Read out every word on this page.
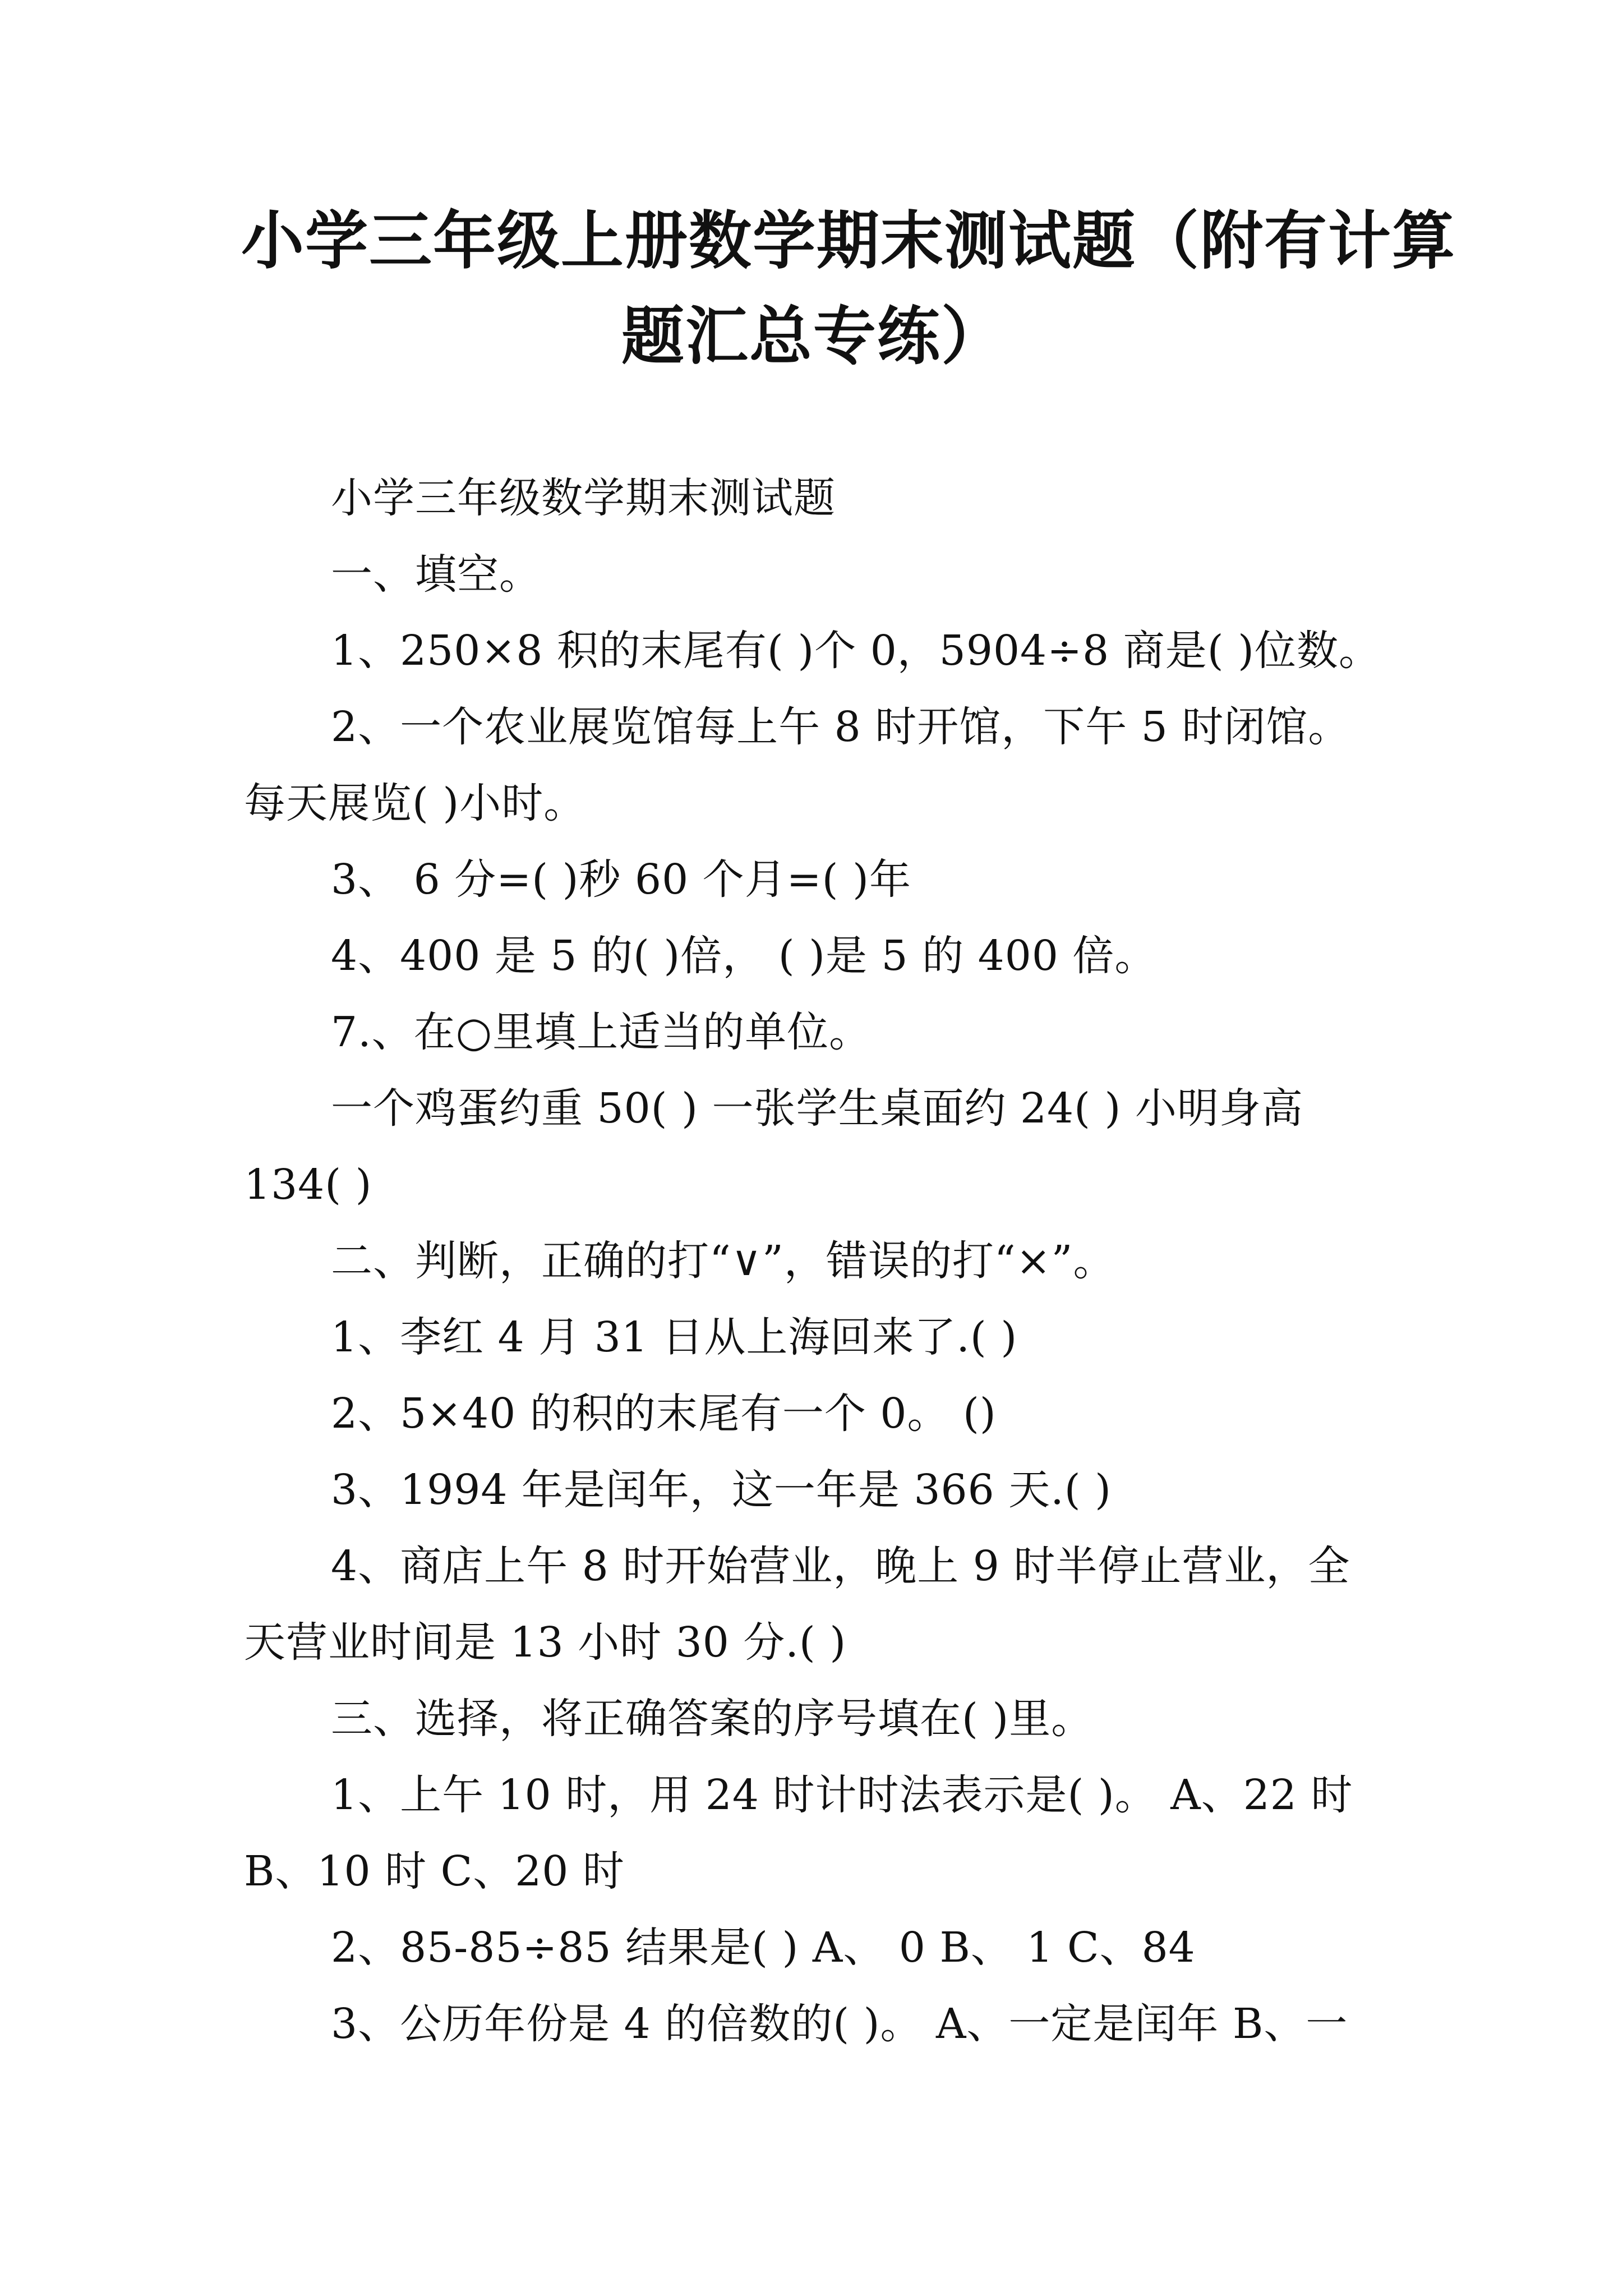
小学三年级上册数学期末测试题（附有计算
题汇总专练）
小学三年级数学期末测试题
一、填空。
1、250×8 积的末尾有( )个 0，5904÷8 商是( )位数。
2、一个农业展览馆每上午 8 时开馆，下午 5 时闭馆。
每天展览( )小时。
3、 6 分=( )秒 60 个月=( )年
4、400 是 5 的( )倍， ( )是 5 的 400 倍。
7.、在○里填上适当的单位。
一个鸡蛋约重 50( ) 一张学生桌面约 24( ) 小明身高
134( )
二、判断，正确的打“∨”，错误的打“×”。
1、李红 4 月 31 日从上海回来了.( )
2、5×40 的积的末尾有一个 0。 ()
3、1994 年是闰年，这一年是 366 天.( )
4、商店上午 8 时开始营业，晚上 9 时半停止营业，全
天营业时间是 13 小时 30 分.( )
三、选择，将正确答案的序号填在( )里。
1、上午 10 时，用 24 时计时法表示是( )。 A、22 时
B、10 时 C、20 时
2、85-85÷85 结果是( ) A、 0 B、 1 C、84
3、公历年份是 4 的倍数的( )。 A、一定是闰年 B、一
